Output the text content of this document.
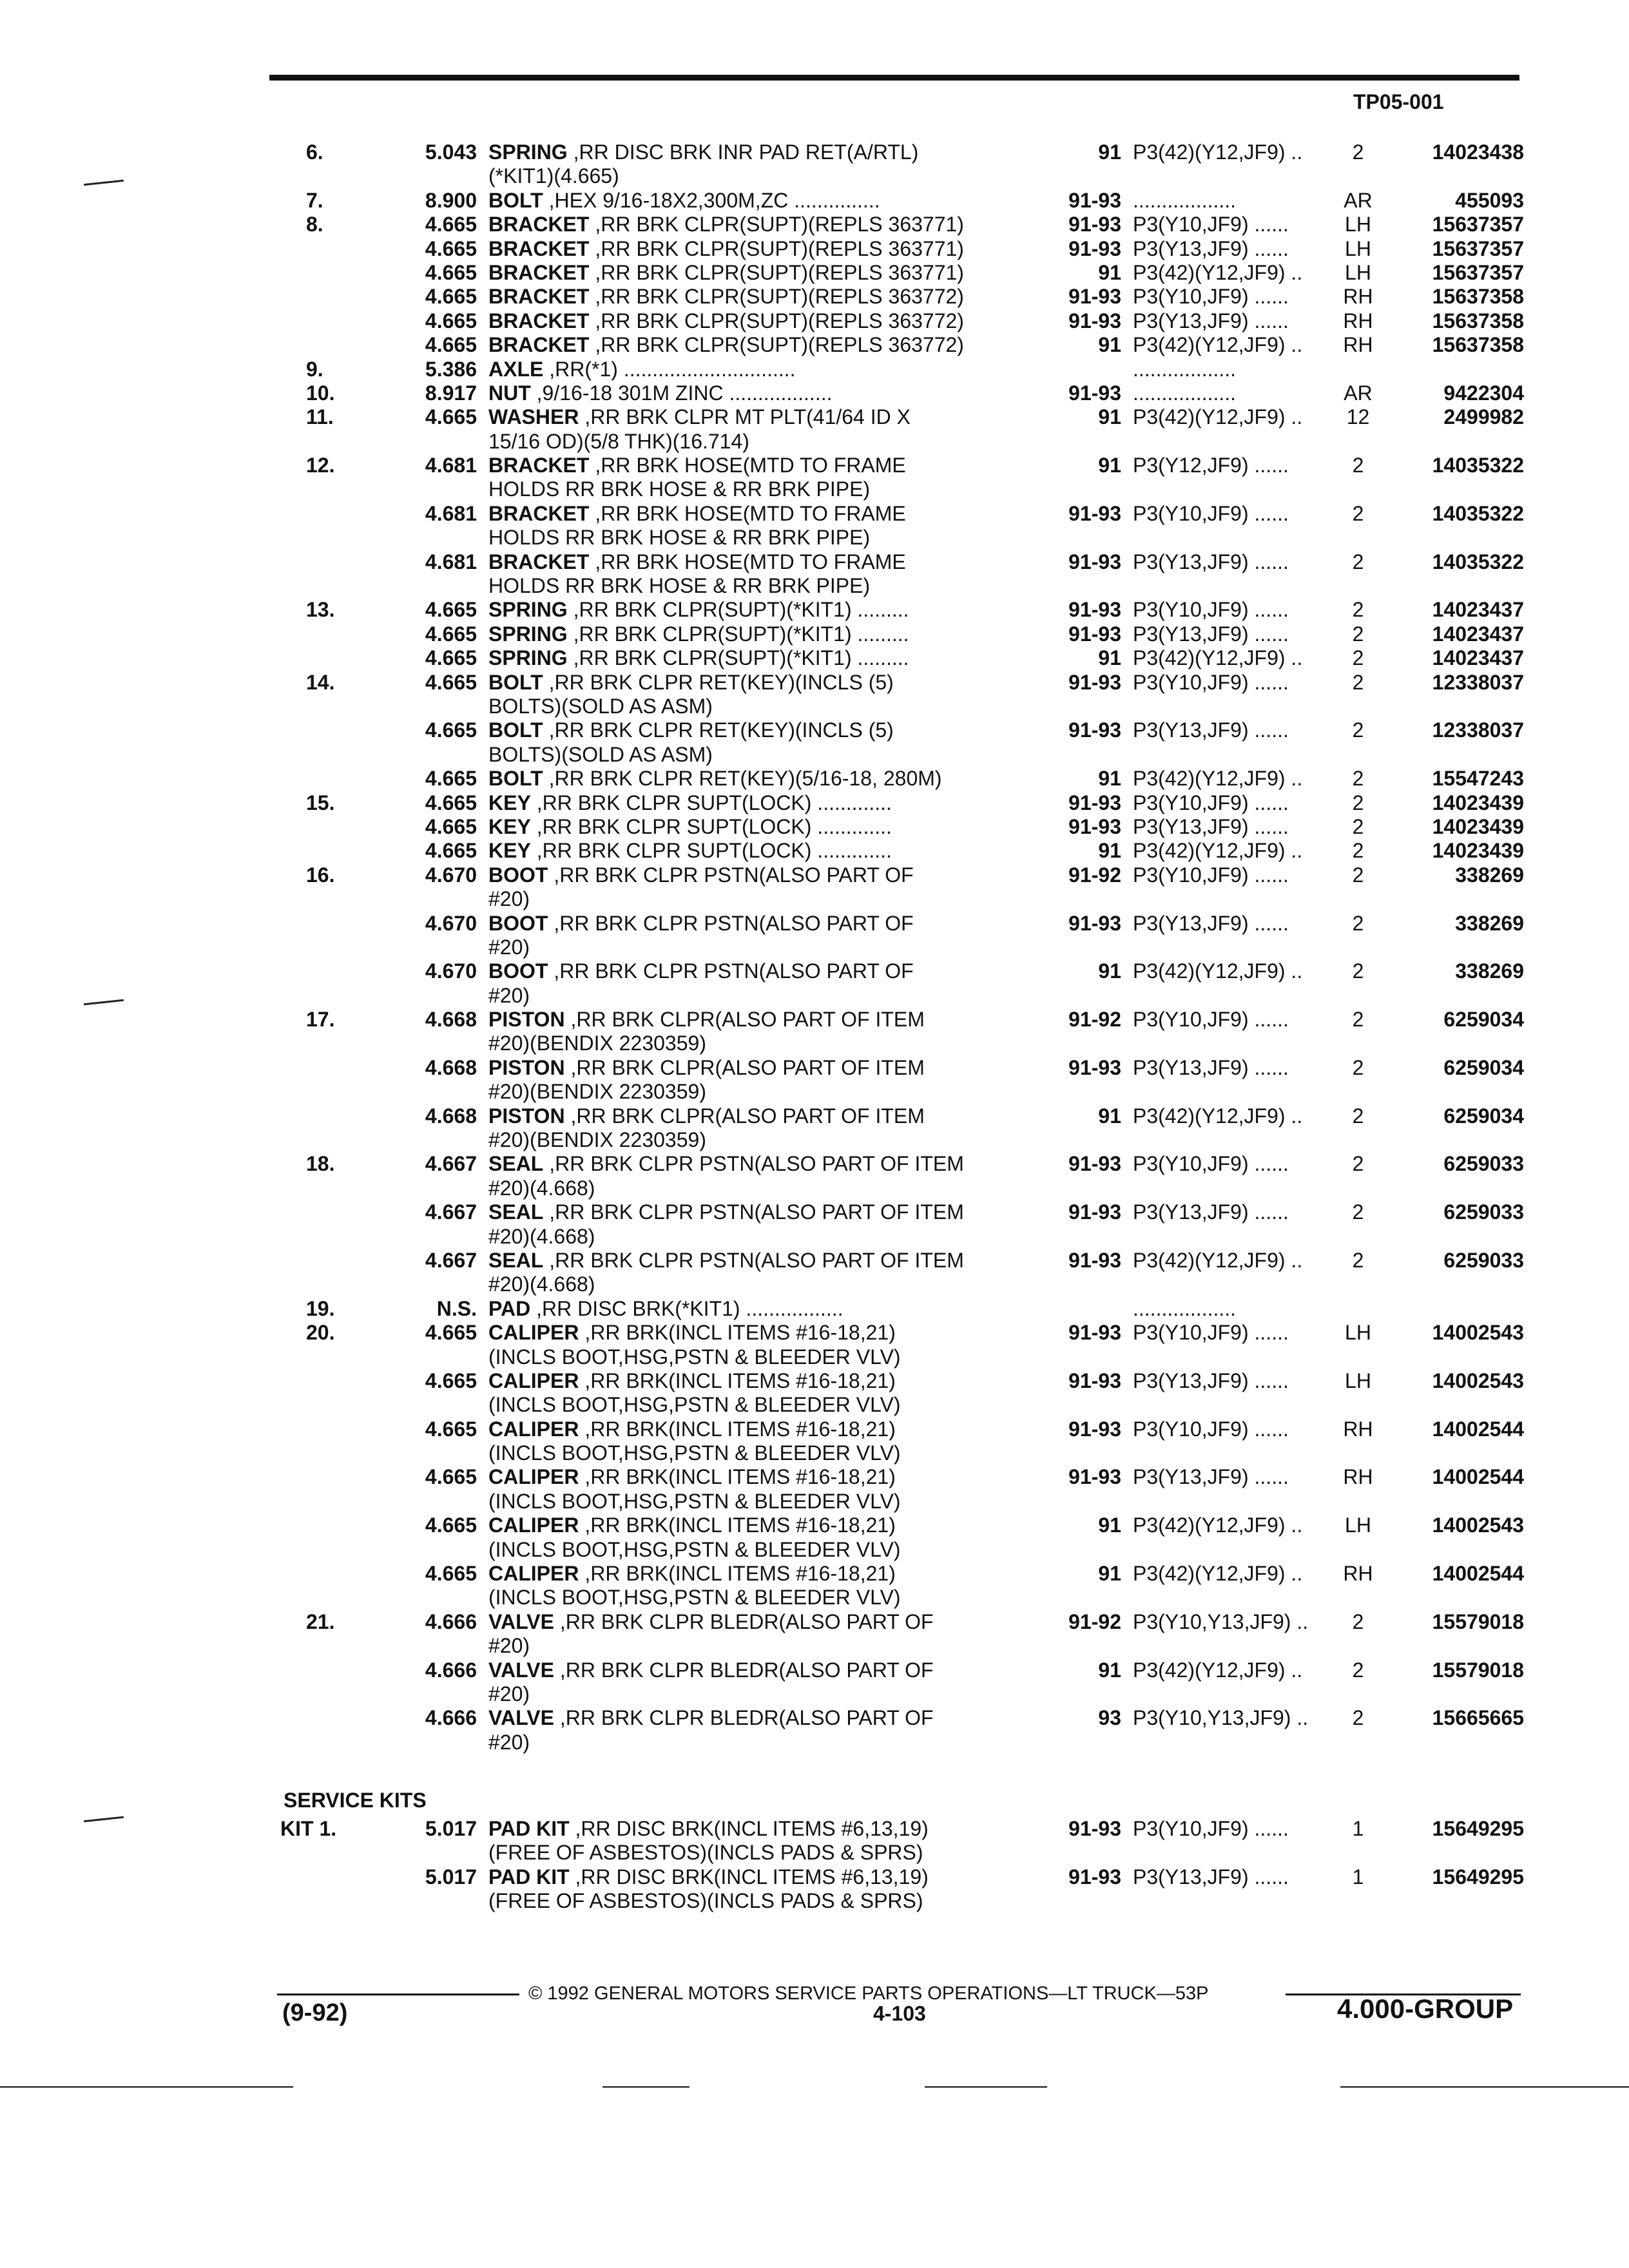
TP05-001
6.	5.043	91 P3(42)(Y12,JF9) ..	2	14023438
SPRING ,RR DISC BRK INR PAD RET(A/RTL)
(*KIT1)(4.665)
7.	8.900	91-93 ..................	AR	455093
BOLT ,HEX 9/16-18X2,300M,ZC ...............
8.	4.665	91-93 P3(Y10,JF9) ......	LH	15637357
BRACKET ,RR BRK CLPR(SUPT)(REPLS 363771)
4.665	91-93 P3(Y13,JF9) ......	LH	15637357
BRACKET ,RR BRK CLPR(SUPT)(REPLS 363771)
4.665	91 P3(42)(Y12,JF9) ..	LH	15637357
BRACKET ,RR BRK CLPR(SUPT)(REPLS 363771)
4.665	91-93 P3(Y10,JF9) ......	RH	15637358
BRACKET ,RR BRK CLPR(SUPT)(REPLS 363772)
4.665	91-93 P3(Y13,JF9) ......	RH	15637358
BRACKET ,RR BRK CLPR(SUPT)(REPLS 363772)
4.665	91 P3(42)(Y12,JF9) ..	RH	15637358
BRACKET ,RR BRK CLPR(SUPT)(REPLS 363772)
9.	5.386	..................
AXLE ,RR(*1) ..............................
10.	8.917	91-93 ..................	AR	9422304
NUT ,9/16-18 301M ZINC ..................
11.	4.665	91 P3(42)(Y12,JF9) ..	12	2499982
WASHER ,RR BRK CLPR MT PLT(41/64 ID X
15/16 OD)(5/8 THK)(16.714)
12.	4.681	91 P3(Y12,JF9) ......	2	14035322
BRACKET ,RR BRK HOSE(MTD TO FRAME
HOLDS RR BRK HOSE & RR BRK PIPE)
4.681	91-93 P3(Y10,JF9) ......	2	14035322
BRACKET ,RR BRK HOSE(MTD TO FRAME
HOLDS RR BRK HOSE & RR BRK PIPE)
4.681	91-93 P3(Y13,JF9) ......	2	14035322
BRACKET ,RR BRK HOSE(MTD TO FRAME
HOLDS RR BRK HOSE & RR BRK PIPE)
13.	4.665	91-93 P3(Y10,JF9) ......	2	14023437
SPRING ,RR BRK CLPR(SUPT)(*KIT1) .........
4.665	91-93 P3(Y13,JF9) ......	2	14023437
SPRING ,RR BRK CLPR(SUPT)(*KIT1) .........
4.665	91 P3(42)(Y12,JF9) ..	2	14023437
SPRING ,RR BRK CLPR(SUPT)(*KIT1) .........
14.	4.665	91-93 P3(Y10,JF9) ......	2	12338037
BOLT ,RR BRK CLPR RET(KEY)(INCLS (5)
BOLTS)(SOLD AS ASM)
4.665	91-93 P3(Y13,JF9) ......	2	12338037
BOLT ,RR BRK CLPR RET(KEY)(INCLS (5)
BOLTS)(SOLD AS ASM)
4.665	91 P3(42)(Y12,JF9) ..	2	15547243
BOLT ,RR BRK CLPR RET(KEY)(5/16-18, 280M)
15.	4.665	91-93 P3(Y10,JF9) ......	2	14023439
KEY ,RR BRK CLPR SUPT(LOCK) .............
4.665	91-93 P3(Y13,JF9) ......	2	14023439
KEY ,RR BRK CLPR SUPT(LOCK) .............
4.665	91 P3(42)(Y12,JF9) ..	2	14023439
KEY ,RR BRK CLPR SUPT(LOCK) .............
16.	4.670	91-92 P3(Y10,JF9) ......	2	338269
BOOT ,RR BRK CLPR PSTN(ALSO PART OF
#20)
4.670	91-93 P3(Y13,JF9) ......	2	338269
BOOT ,RR BRK CLPR PSTN(ALSO PART OF
#20)
4.670	91 P3(42)(Y12,JF9) ..	2	338269
BOOT ,RR BRK CLPR PSTN(ALSO PART OF
#20)
17.	4.668	91-92 P3(Y10,JF9) ......	2	6259034
PISTON ,RR BRK CLPR(ALSO PART OF ITEM
#20)(BENDIX 2230359)
4.668	91-93 P3(Y13,JF9) ......	2	6259034
PISTON ,RR BRK CLPR(ALSO PART OF ITEM
#20)(BENDIX 2230359)
4.668	91 P3(42)(Y12,JF9) ..	2	6259034
PISTON ,RR BRK CLPR(ALSO PART OF ITEM
#20)(BENDIX 2230359)
18.	4.667	91-93 P3(Y10,JF9) ......	2	6259033
SEAL ,RR BRK CLPR PSTN(ALSO PART OF ITEM
#20)(4.668)
4.667	91-93 P3(Y13,JF9) ......	2	6259033
SEAL ,RR BRK CLPR PSTN(ALSO PART OF ITEM
#20)(4.668)
4.667	91-93 P3(42)(Y12,JF9) ..	2	6259033
SEAL ,RR BRK CLPR PSTN(ALSO PART OF ITEM
#20)(4.668)
19.	N.S.	..................
PAD ,RR DISC BRK(*KIT1) .................
20.	4.665	91-93 P3(Y10,JF9) ......	LH	14002543
CALIPER ,RR BRK(INCL ITEMS #16-18,21)
(INCLS BOOT,HSG,PSTN & BLEEDER VLV)
4.665	91-93 P3(Y13,JF9) ......	LH	14002543
CALIPER ,RR BRK(INCL ITEMS #16-18,21)
(INCLS BOOT,HSG,PSTN & BLEEDER VLV)
4.665	91-93 P3(Y10,JF9) ......	RH	14002544
CALIPER ,RR BRK(INCL ITEMS #16-18,21)
(INCLS BOOT,HSG,PSTN & BLEEDER VLV)
4.665	91-93 P3(Y13,JF9) ......	RH	14002544
CALIPER ,RR BRK(INCL ITEMS #16-18,21)
(INCLS BOOT,HSG,PSTN & BLEEDER VLV)
4.665	91 P3(42)(Y12,JF9) ..	LH	14002543
CALIPER ,RR BRK(INCL ITEMS #16-18,21)
(INCLS BOOT,HSG,PSTN & BLEEDER VLV)
4.665	91 P3(42)(Y12,JF9) ..	RH	14002544
CALIPER ,RR BRK(INCL ITEMS #16-18,21)
(INCLS BOOT,HSG,PSTN & BLEEDER VLV)
21.	4.666	91-92 P3(Y10,Y13,JF9) ..	2	15579018
VALVE ,RR BRK CLPR BLEDR(ALSO PART OF
#20)
4.666	91 P3(42)(Y12,JF9) ..	2	15579018
VALVE ,RR BRK CLPR BLEDR(ALSO PART OF
#20)
4.666	93 P3(Y10,Y13,JF9) ..	2	15665665
VALVE ,RR BRK CLPR BLEDR(ALSO PART OF
#20)
SERVICE KITS
KIT 1.	5.017	91-93 P3(Y10,JF9) ......	1	15649295
PAD KIT ,RR DISC BRK(INCL ITEMS #6,13,19)
(FREE OF ASBESTOS)(INCLS PADS & SPRS)
5.017	91-93 P3(Y13,JF9) ......	1	15649295
PAD KIT ,RR DISC BRK(INCL ITEMS #6,13,19)
(FREE OF ASBESTOS)(INCLS PADS & SPRS)
© 1992 GENERAL MOTORS SERVICE PARTS OPERATIONS—LT TRUCK—53P
(9-92)	4-103	4.000-GROUP
